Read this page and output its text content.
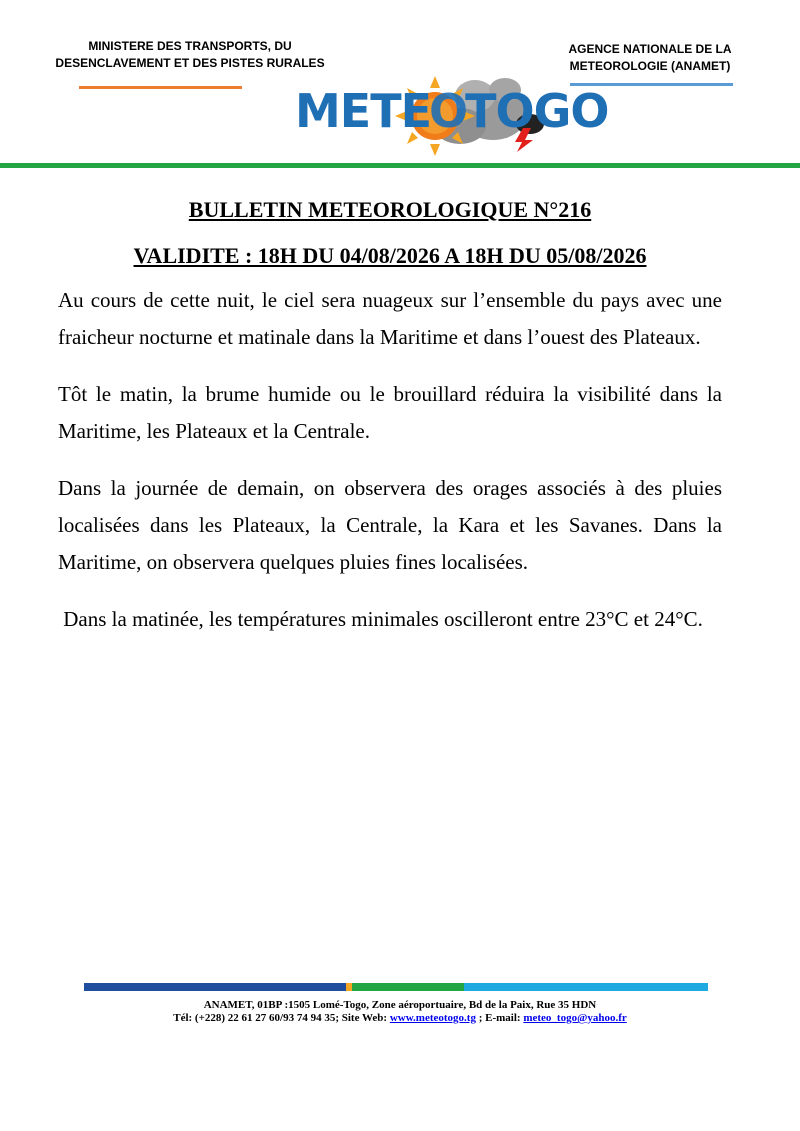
MINISTERE DES TRANSPORTS, DU
DESENCLAVEMENT ET DES PISTES RURALES
AGENCE NATIONALE DE LA
METEOROLOGIE (ANAMET)
METEOTOGO
BULLETIN METEOROLOGIQUE N°216
VALIDITE : 18H DU 04/08/2026 A 18H DU 05/08/2026

Au cours de cette nuit, le ciel sera nuageux sur l’ensemble du pays avec une fraicheur nocturne et matinale dans la Maritime et dans l’ouest des Plateaux.

Tôt le matin, la brume humide ou le brouillard réduira la visibilité dans la Maritime, les Plateaux et la Centrale.

Dans la journée de demain, on observera des orages associés à des pluies localisées dans les Plateaux, la Centrale, la Kara et les Savanes. Dans la Maritime, on observera quelques pluies fines localisées.

Dans la matinée, les températures minimales oscilleront entre 23°C et 24°C.

ANAMET, 01BP :1505 Lomé-Togo, Zone aéroportuaire, Bd de la Paix, Rue 35 HDN
Tél: (+228) 22 61 27 60/93 74 94 35; Site Web: www.meteotogo.tg ; E-mail: meteo_togo@yahoo.fr
